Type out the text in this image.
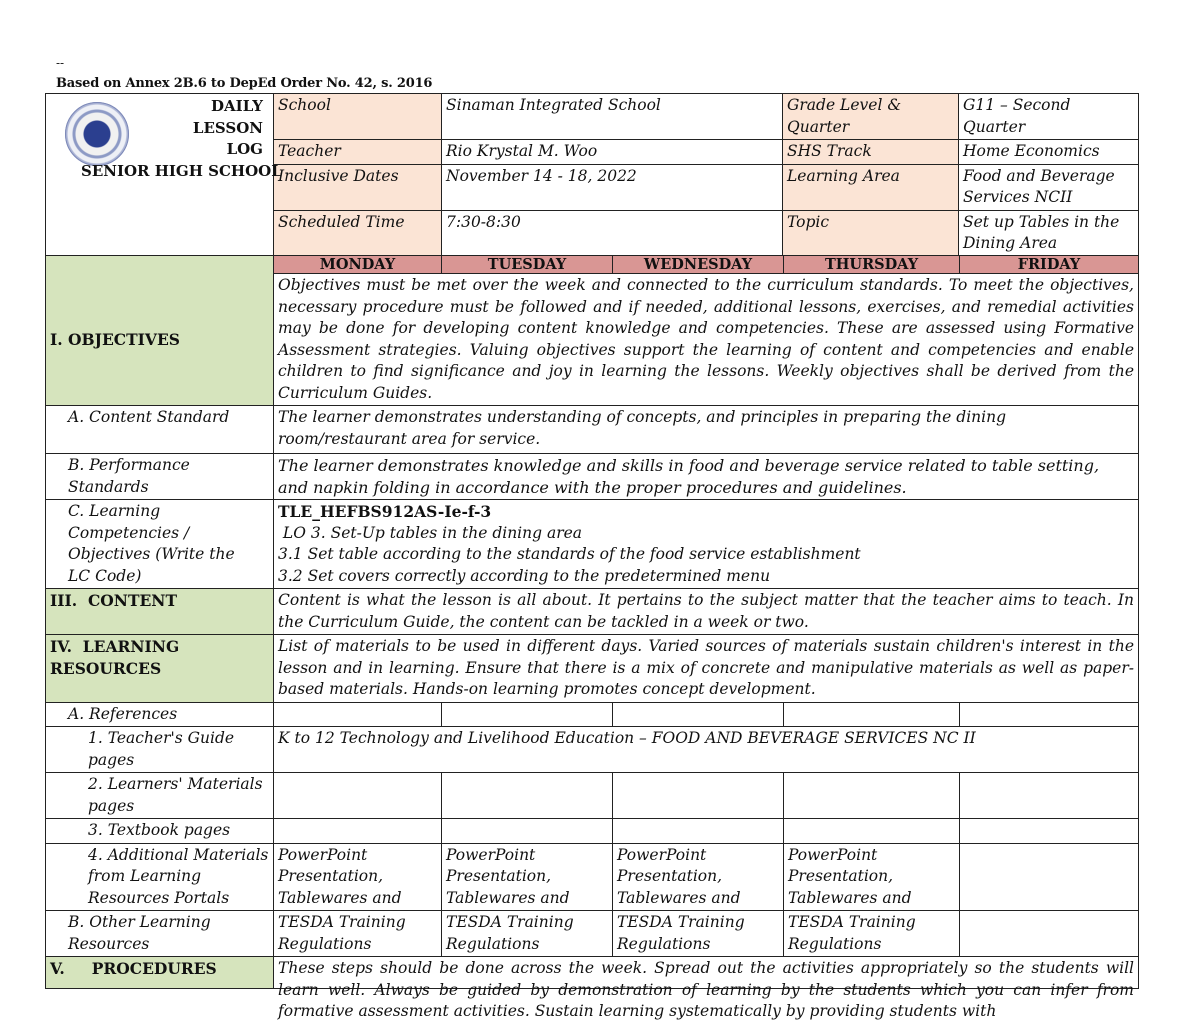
--
Based on Annex 2B.6 to DepEd Order No. 42, s. 2016
DAILY
LESSON
LOG
SENIOR HIGH SCHOOL	School	Sinaman Integrated School	Grade Level & Quarter	G11 – Second Quarter
	Teacher	Rio Krystal M. Woo	SHS Track	Home Economics
	Inclusive Dates	November 14 - 18, 2022	Learning Area	Food and Beverage Services NCII
	Scheduled Time	7:30-8:30	Topic	Set up Tables in the Dining Area
	MONDAY	TUESDAY	WEDNESDAY	THURSDAY	FRIDAY
I. OBJECTIVES	Objectives must be met over the week and connected to the curriculum standards. To meet the objectives, necessary procedure must be followed and if needed, additional lessons, exercises, and remedial activities may be done for developing content knowledge and competencies. These are assessed using Formative Assessment strategies. Valuing objectives support the learning of content and competencies and enable children to find significance and joy in learning the lessons. Weekly objectives shall be derived from the Curriculum Guides.				
A. Content Standard	The learner demonstrates understanding of concepts, and principles in preparing the dining room/restaurant area for service.				
B. Performance Standards	The learner demonstrates knowledge and skills in food and beverage service related to table setting, and napkin folding in accordance with the proper procedures and guidelines.				
C. Learning Competencies / Objectives (Write the LC Code)	TLE_HEFBS912AS-Ie-f-3
LO 3. Set-Up tables in the dining area
3.1 Set table according to the standards of the food service establishment
3.2 Set covers correctly according to the predetermined menu				

III.  CONTENT	Content is what the lesson is all about. It pertains to the subject matter that the teacher aims to teach. In the Curriculum Guide, the content can be tackled in a week or two.				
IV.  LEARNING RESOURCES	List of materials to be used in different days. Varied sources of materials sustain children's interest in the lesson and in learning. Ensure that there is a mix of concrete and manipulative materials as well as paper-based materials. Hands-on learning promotes concept development.				
A. References					
1. Teacher's Guide pages	K to 12 Technology and Livelihood Education – FOOD AND BEVERAGE SERVICES NC II				
2. Learners' Materials pages					
3. Textbook pages					
4. Additional Materials from Learning Resources Portals	PowerPoint Presentation, Tablewares and	PowerPoint Presentation, Tablewares and	PowerPoint Presentation, Tablewares and	PowerPoint Presentation, Tablewares and	
B. Other Learning Resources	TESDA Training Regulations	TESDA Training Regulations	TESDA Training Regulations	TESDA Training Regulations	
V.     PROCEDURES	These steps should be done across the week. Spread out the activities appropriately so the students will learn well. Always be guided by demonstration of learning by the students which you can infer from formative assessment activities. Sustain learning systematically by providing students with				
